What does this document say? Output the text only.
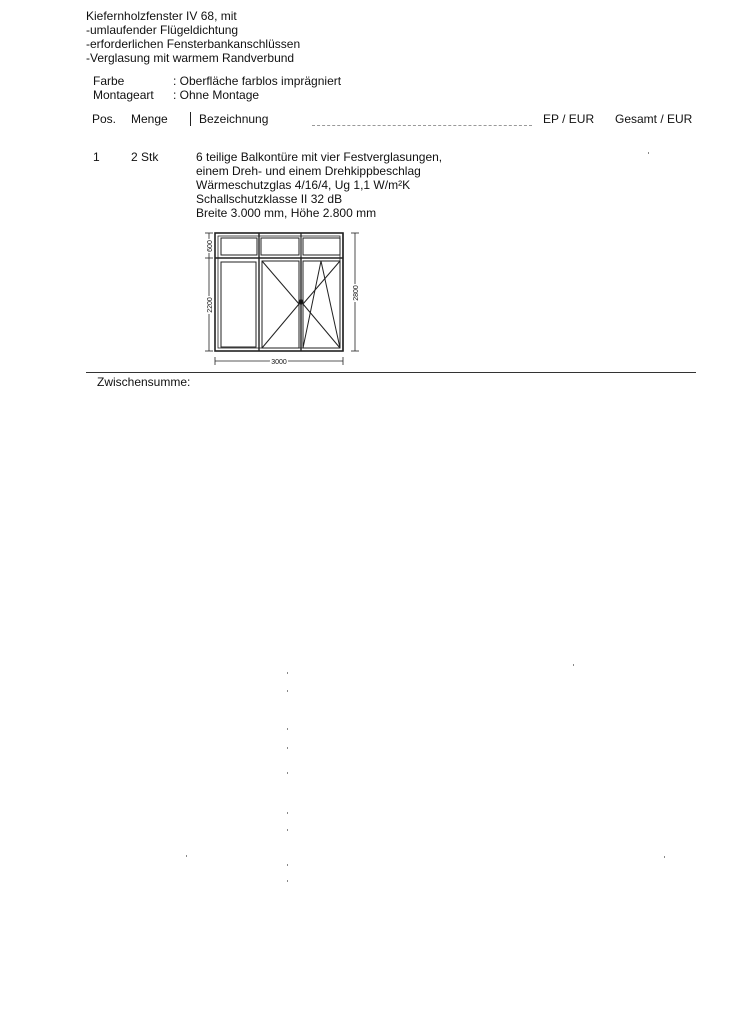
Kiefernholzfenster IV 68, mit
-umlaufender Flügeldichtung
-erforderlichen Fensterbankanschlüssen
-Verglasung mit warmem Randverbund
Farbe	: Oberfläche farblos imprägniert
Montageart : Ohne Montage
Pos. Menge	Bezeichnung	EP / EUR Gesamt / EUR
1	2 Stk	6 teilige Balkontüre mit vier Festverglasungen,
einem Dreh- und einem Drehkippbeschlag
Wärmeschutzglas 4/16/4, Ug 1,1 W/m²K
Schallschutzklasse II 32 dB
Breite 3.000 mm, Höhe 2.800 mm
600
2200
2800
3000
Zwischensumme:
